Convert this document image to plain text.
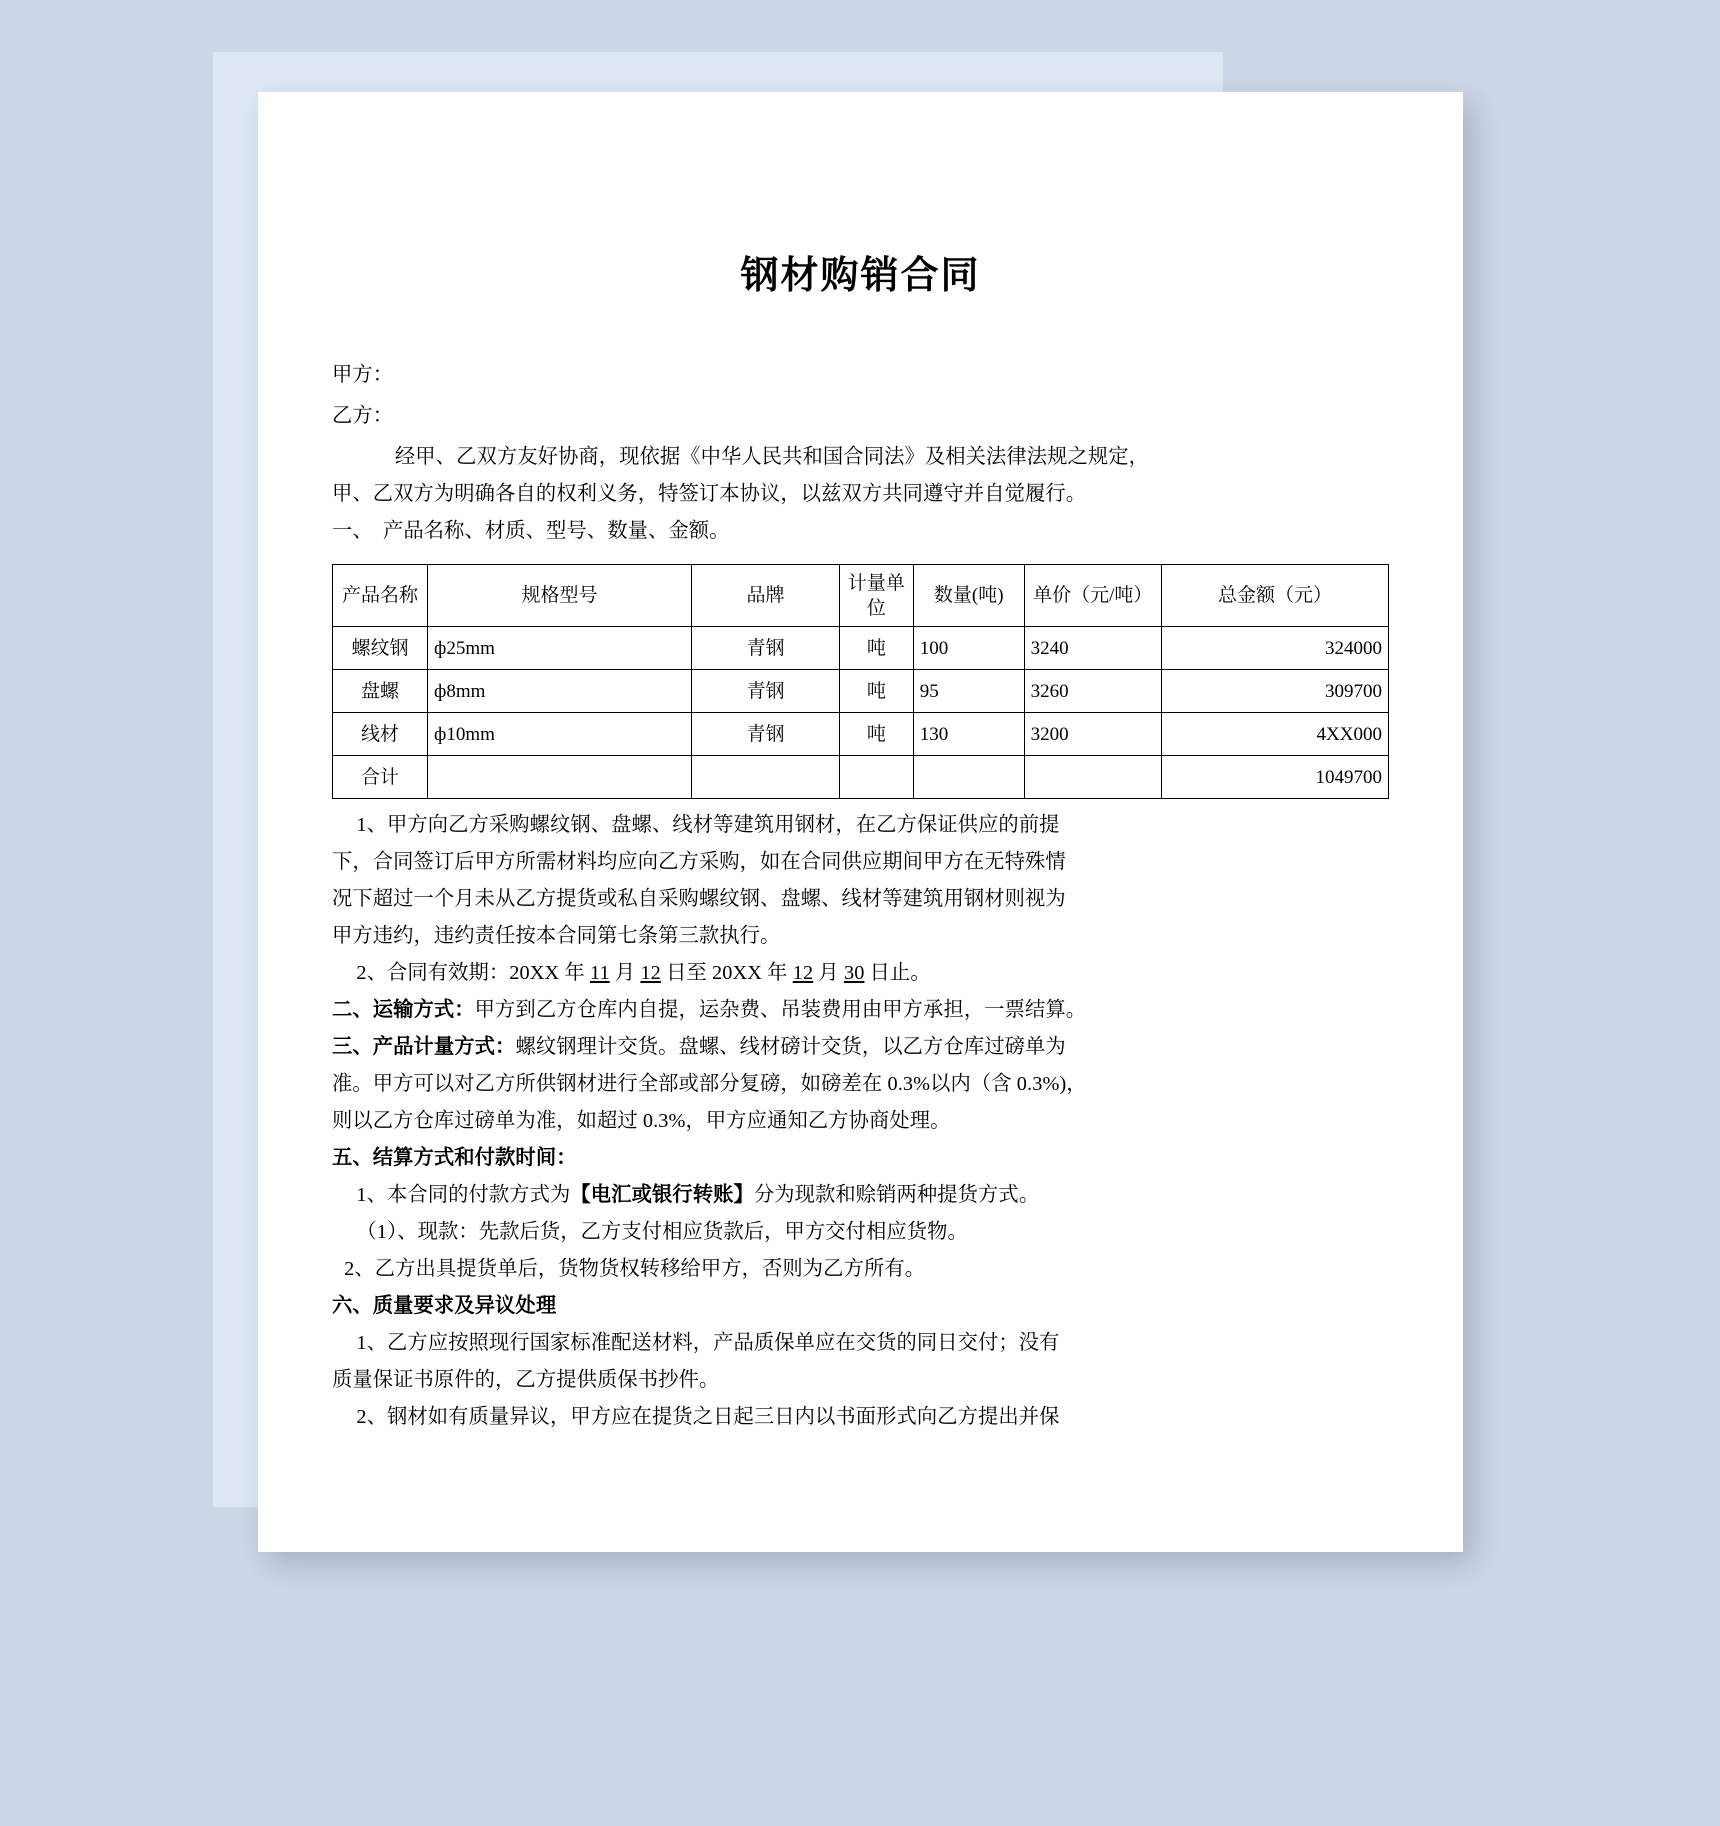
钢材购销合同
甲方：
乙方：
经甲、乙双方友好协商，现依据《中华人民共和国合同法》及相关法律法规之规定，
甲、乙双方为明确各自的权利义务，特签订本协议，以兹双方共同遵守并自觉履行。
一、　产品名称、材质、型号、数量、金额。
产品名称	规格型号	品牌	计量单位	数量(吨)	单价（元/吨）	总金额（元）
螺纹钢	ф25mm	青钢	吨	100	3240	324000
盘螺	ф8mm	青钢	吨	95	3260	309700
线材	ф10mm	青钢	吨	130	3200	4XX000
合计						1049700
1、甲方向乙方采购螺纹钢、盘螺、线材等建筑用钢材，在乙方保证供应的前提
下，合同签订后甲方所需材料均应向乙方采购，如在合同供应期间甲方在无特殊情
况下超过一个月未从乙方提货或私自采购螺纹钢、盘螺、线材等建筑用钢材则视为
甲方违约，违约责任按本合同第七条第三款执行。
2、合同有效期：20XX 年 11 月 12 日至 20XX 年 12 月 30 日止。
二、运输方式：甲方到乙方仓库内自提，运杂费、吊装费用由甲方承担，一票结算。
三、产品计量方式：螺纹钢理计交货。盘螺、线材磅计交货，以乙方仓库过磅单为
准。甲方可以对乙方所供钢材进行全部或部分复磅，如磅差在 0.3%以内（含 0.3%)，
则以乙方仓库过磅单为准，如超过 0.3%，甲方应通知乙方协商处理。
五、结算方式和付款时间：
1、本合同的付款方式为【电汇或银行转账】分为现款和赊销两种提货方式。
（1）、现款：先款后货，乙方支付相应货款后，甲方交付相应货物。
2、乙方出具提货单后，货物货权转移给甲方，否则为乙方所有。
六、质量要求及异议处理
1、乙方应按照现行国家标准配送材料，产品质保单应在交货的同日交付；没有
质量保证书原件的，乙方提供质保书抄件。
2、钢材如有质量异议，甲方应在提货之日起三日内以书面形式向乙方提出并保
